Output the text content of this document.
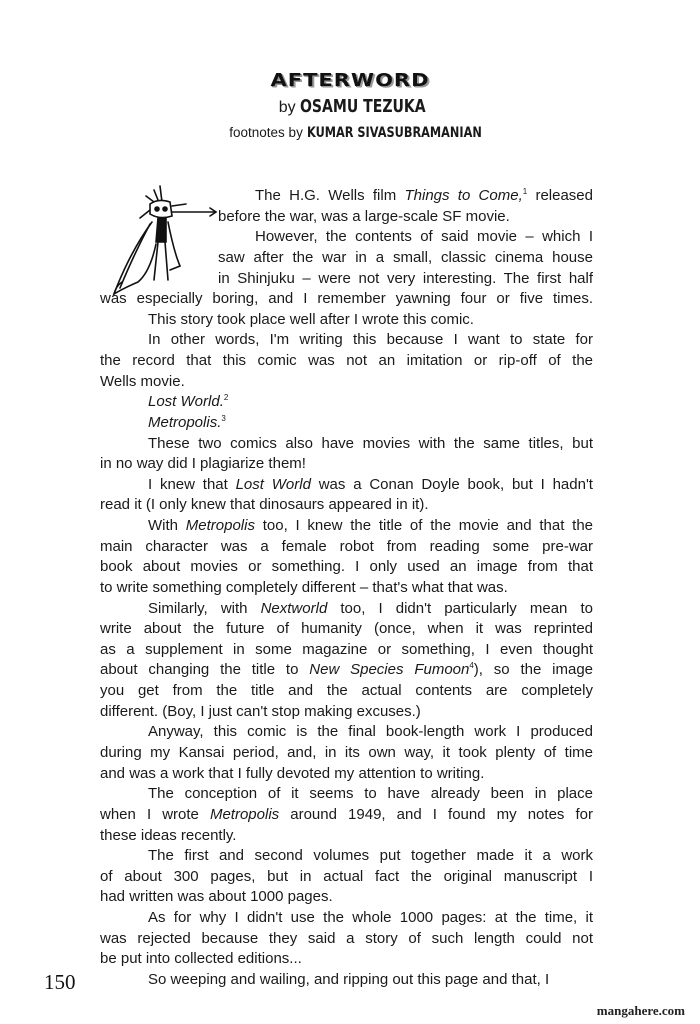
AFTERWORD
by OSAMU TEZUKA
footnotes by KUMAR SIVASUBRAMANIAN
The H.G. Wells film Things to Come,$^1$ released
before the war, was a large-scale SF movie.
However, the contents of said movie – which I
saw after the war in a small, classic cinema house
in Shinjuku – were not very interesting. The first half
was especially boring, and I remember yawning four or five times.
This story took place well after I wrote this comic.
In other words, I'm writing this because I want to state for
the record that this comic was not an imitation or rip-off of the
Wells movie.
Lost World.$^2$
Metropolis.$^3$
These two comics also have movies with the same titles, but
in no way did I plagiarize them!
I knew that Lost World was a Conan Doyle book, but I hadn't
read it (I only knew that dinosaurs appeared in it).
With Metropolis too, I knew the title of the movie and that the
main character was a female robot from reading some pre-war
book about movies or something. I only used an image from that
to write something completely different – that's what that was.
Similarly, with Nextworld too, I didn't particularly mean to
write about the future of humanity (once, when it was reprinted
as a supplement in some magazine or something, I even thought
about changing the title to New Species Fumoon$^4$), so the image
you get from the title and the actual contents are completely
different. (Boy, I just can't stop making excuses.)
Anyway, this comic is the final book-length work I produced
during my Kansai period, and, in its own way, it took plenty of time
and was a work that I fully devoted my attention to writing.
The conception of it seems to have already been in place
when I wrote Metropolis around 1949, and I found my notes for
these ideas recently.
The first and second volumes put together made it a work
of about 300 pages, but in actual fact the original manuscript I
had written was about 1000 pages.
As for why I didn't use the whole 1000 pages: at the time, it
was rejected because they said a story of such length could not
be put into collected editions...
So weeping and wailing, and ripping out this page and that, I
150
mangahere.com
